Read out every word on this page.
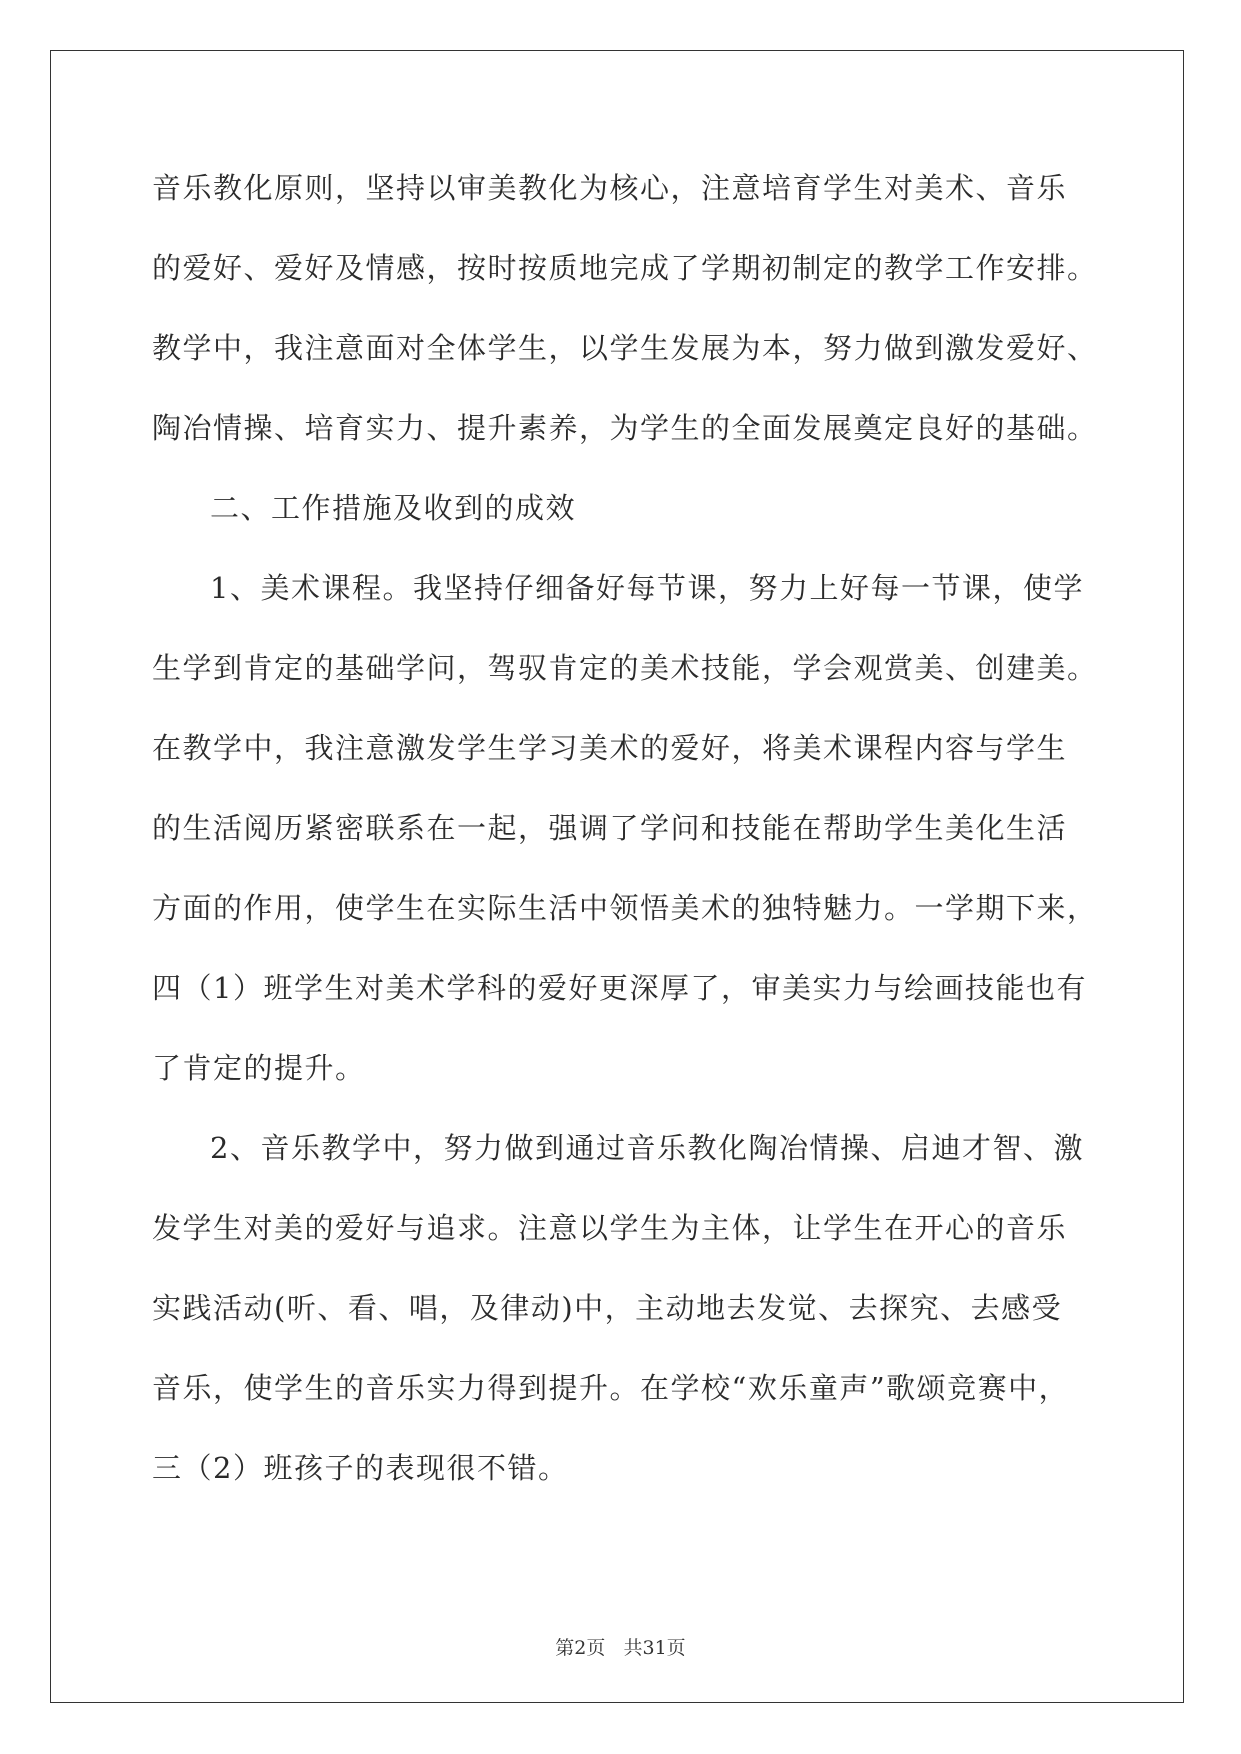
音乐教化原则，坚持以审美教化为核心，注意培育学生对美术、音乐
的爱好、爱好及情感，按时按质地完成了学期初制定的教学工作安排。
教学中，我注意面对全体学生，以学生发展为本，努力做到激发爱好、
陶冶情操、培育实力、提升素养，为学生的全面发展奠定良好的基础。
二、工作措施及收到的成效
1、美术课程。我坚持仔细备好每节课，努力上好每一节课，使学
生学到肯定的基础学问，驾驭肯定的美术技能，学会观赏美、创建美。
在教学中，我注意激发学生学习美术的爱好，将美术课程内容与学生
的生活阅历紧密联系在一起，强调了学问和技能在帮助学生美化生活
方面的作用，使学生在实际生活中领悟美术的独特魅力。一学期下来，
四（1）班学生对美术学科的爱好更深厚了，审美实力与绘画技能也有
了肯定的提升。
2、音乐教学中，努力做到通过音乐教化陶冶情操、启迪才智、激
发学生对美的爱好与追求。注意以学生为主体，让学生在开心的音乐
实践活动(听、看、唱，及律动)中，主动地去发觉、去探究、去感受
音乐，使学生的音乐实力得到提升。在学校“欢乐童声”歌颂竞赛中，
三（2）班孩子的表现很不错。
第2页   共31页
